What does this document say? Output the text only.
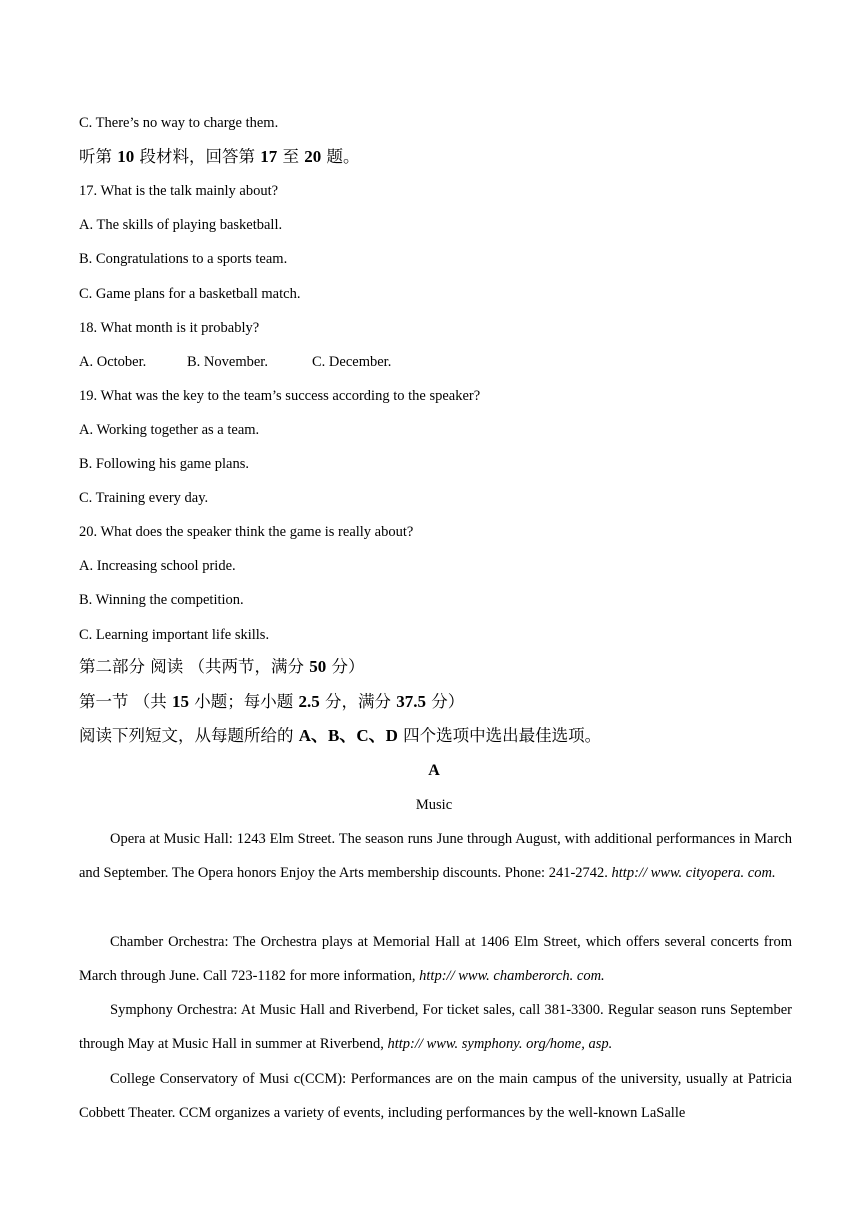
C. There’s no way to charge them.
听第 10 段材料，回答第 17 至 20 题。
17. What is the talk mainly about?
A. The skills of playing basketball.
B. Congratulations to a sports team.
C. Game plans for a basketball match.
18. What month is it probably?
A. October.	B. November.	C. December.
19. What was the key to the team’s success according to the speaker?
A. Working together as a team.
B. Following his game plans.
C. Training every day.
20. What does the speaker think the game is really about?
A. Increasing school pride.
B. Winning the competition.
C. Learning important life skills.
第二部分 阅读 （共两节，满分 50 分）
第一节 （共 15 小题；每小题 2.5 分，满分 37.5 分）
阅读下列短文，从每题所给的 A、B、C、D 四个选项中选出最佳选项。
A
Music
Opera at Music Hall: 1243 Elm Street. The season runs June through August, with additional performances in March and September. The Opera honors Enjoy the Arts membership discounts. Phone: 241-2742. http:// www. cityopera. com.
Chamber Orchestra: The Orchestra plays at Memorial Hall at 1406 Elm Street, which offers several concerts from March through June. Call 723-1182 for more information, http:// www. chamberorch. com.
Symphony Orchestra: At Music Hall and Riverbend, For ticket sales, call 381-3300. Regular season runs September through May at Music Hall in summer at Riverbend, http:// www. symphony. org/home, asp.
College Conservatory of Musi c(CCM): Performances are on the main campus of the university, usually at Patricia Cobbett Theater. CCM organizes a variety of events, including performances by the well-known LaSalle
